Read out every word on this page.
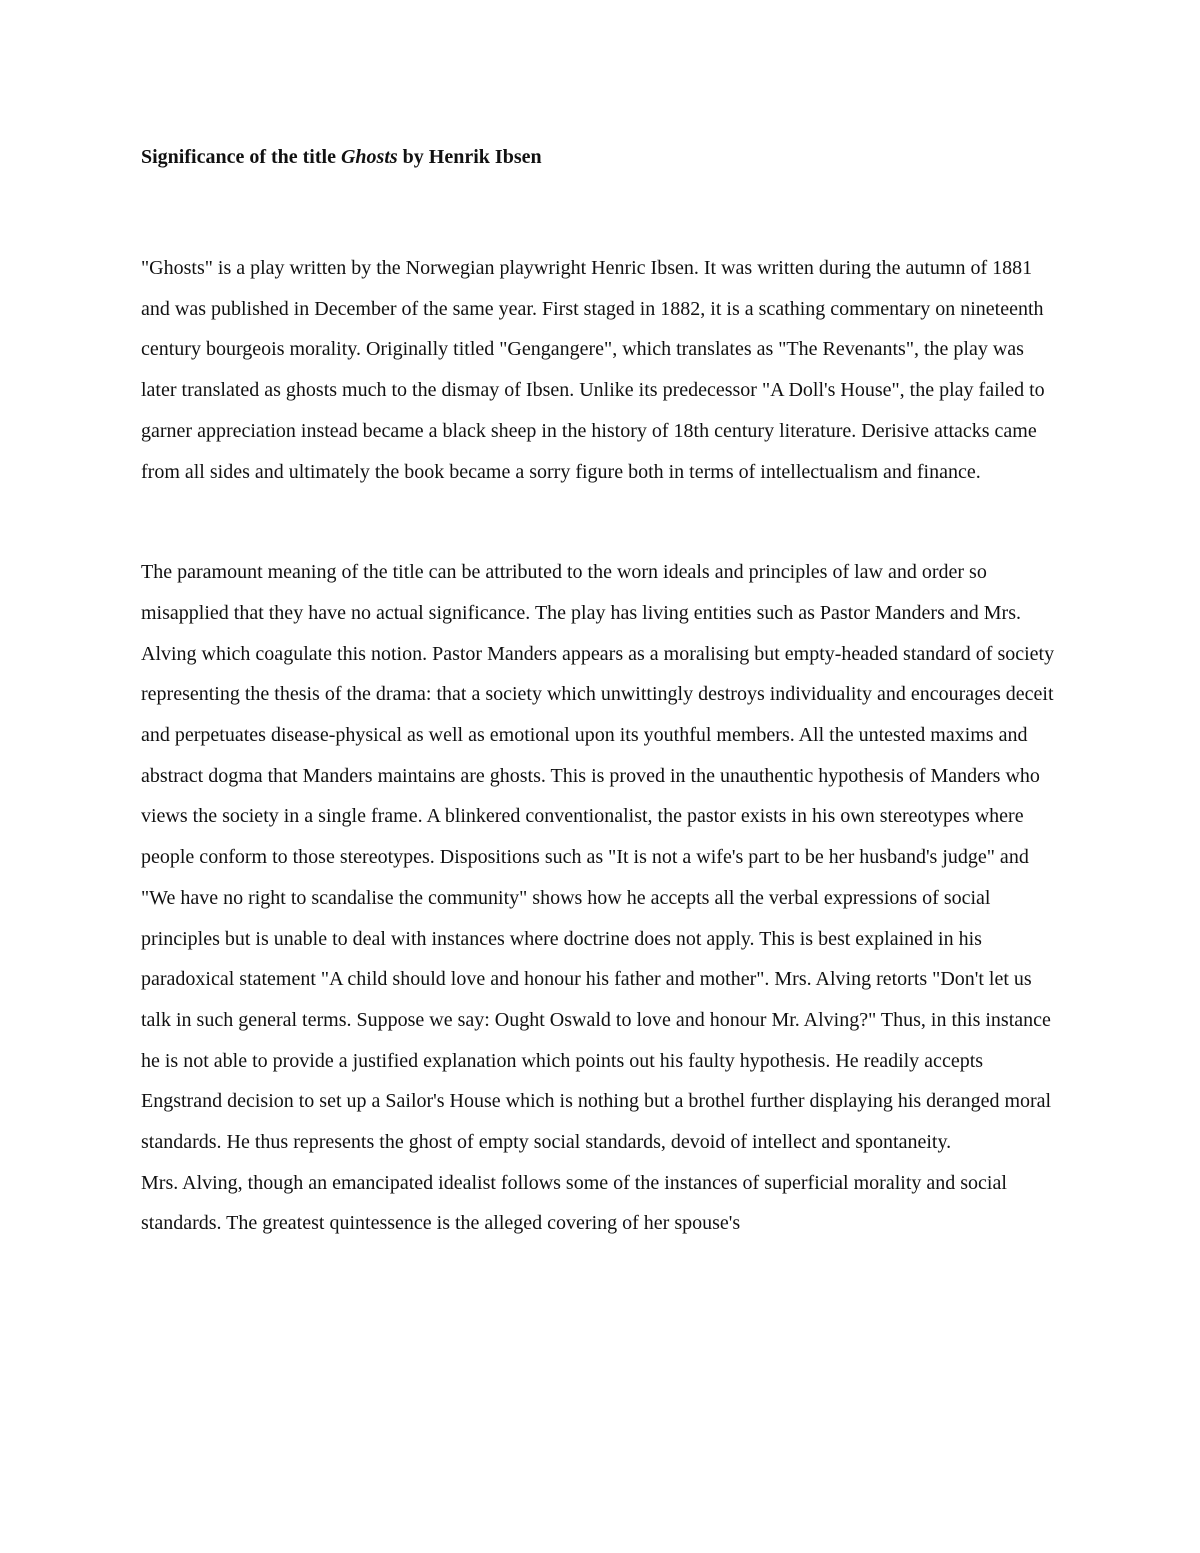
Significance of the title Ghosts by Henrik Ibsen

"Ghosts" is a play written by the Norwegian playwright Henric Ibsen. It was written during the autumn of 1881 and was published in December of the same year. First staged in 1882, it is a scathing commentary on nineteenth century bourgeois morality. Originally titled "Gengangere", which translates as "The Revenants", the play was later translated as ghosts much to the dismay of Ibsen. Unlike its predecessor "A Doll's House", the play failed to garner appreciation instead became a black sheep in the history of 18th century literature. Derisive attacks came from all sides and ultimately the book became a sorry figure both in terms of intellectualism and finance.

The paramount meaning of the title can be attributed to the worn ideals and principles of law and order so misapplied that they have no actual significance. The play has living entities such as Pastor Manders and Mrs. Alving which coagulate this notion. Pastor Manders appears as a moralising but empty-headed standard of society representing the thesis of the drama: that a society which unwittingly destroys individuality and encourages deceit and perpetuates disease-physical as well as emotional upon its youthful members. All the untested maxims and abstract dogma that Manders maintains are ghosts. This is proved in the unauthentic hypothesis of Manders who views the society in a single frame. A blinkered conventionalist, the pastor exists in his own stereotypes where people conform to those stereotypes. Dispositions such as "It is not a wife's part to be her husband's judge" and "We have no right to scandalise the community" shows how he accepts all the verbal expressions of social principles but is unable to deal with instances where doctrine does not apply. This is best explained in his paradoxical statement "A child should love and honour his father and mother". Mrs. Alving retorts "Don't let us talk in such general terms. Suppose we say: Ought Oswald to love and honour Mr. Alving?" Thus, in this instance he is not able to provide a justified explanation which points out his faulty hypothesis. He readily accepts Engstrand decision to set up a Sailor's House which is nothing but a brothel further displaying his deranged moral standards. He thus represents the ghost of empty social standards, devoid of intellect and spontaneity.

Mrs. Alving, though an emancipated idealist follows some of the instances of superficial morality and social standards. The greatest quintessence is the alleged covering of her spouse's
